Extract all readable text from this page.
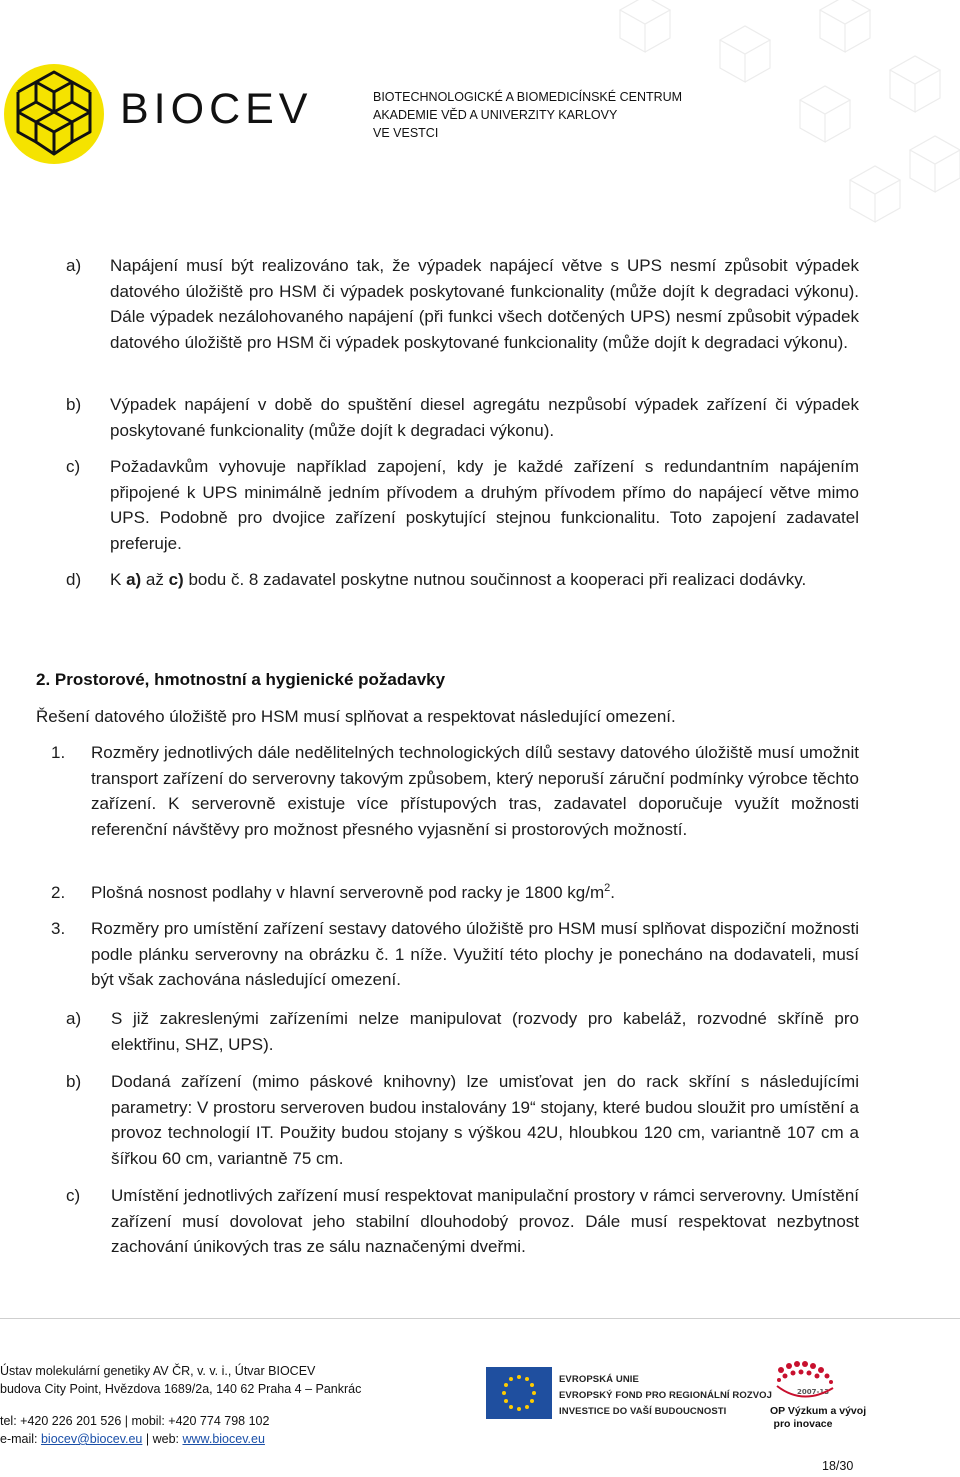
BIOCEV	BIOTECHNOLOGICKÉ A BIOMEDICÍNSKÉ CENTRUM
AKADEMIE VĚD A UNIVERZITY KARLOVY
VE VESTCI
a) Napájení musí být realizováno tak, že výpadek napájecí větve s UPS nesmí způsobit výpadek datového úložiště pro HSM či výpadek poskytované funkcionality (může dojít k degradaci výkonu). Dále výpadek nezálohovaného napájení (při funkci všech dotčených UPS) nesmí způsobit výpadek datového úložiště pro HSM či výpadek poskytované funkcionality (může dojít k degradaci výkonu).
b) Výpadek napájení v době do spuštění diesel agregátu nezpůsobí výpadek zařízení či výpadek poskytované funkcionality (může dojít k degradaci výkonu).
c) Požadavkům vyhovuje například zapojení, kdy je každé zařízení s redundantním napájením připojené k UPS minimálně jedním přívodem a druhým přívodem přímo do napájecí větve mimo UPS. Podobně pro dvojice zařízení poskytující stejnou funkcionalitu. Toto zapojení zadavatel preferuje.
d) K a) až c) bodu č. 8 zadavatel poskytne nutnou součinnost a kooperaci při realizaci dodávky.
2. Prostorové, hmotnostní a hygienické požadavky
Řešení datového úložiště pro HSM musí splňovat a respektovat následující omezení.
1. Rozměry jednotlivých dále nedělitelných technologických dílů sestavy datového úložiště musí umožnit transport zařízení do serverovny takovým způsobem, který neporuší záruční podmínky výrobce těchto zařízení. K serverovně existuje více přístupových tras, zadavatel doporučuje využít možnosti referenční návštěvy pro možnost přesného vyjasnění si prostorových možností.
2. Plošná nosnost podlahy v hlavní serverovně pod racky je 1800 $kg/m^2$.
3. Rozměry pro umístění zařízení sestavy datového úložiště pro HSM musí splňovat dispoziční možnosti podle plánku serverovny na obrázku č. 1 níže. Využití této plochy je ponecháno na dodavateli, musí být však zachována následující omezení.
a) S již zakreslenými zařízeními nelze manipulovat (rozvody pro kabeláž, rozvodné skříně pro elektřinu, SHZ, UPS).
b) Dodaná zařízení (mimo páskové knihovny) lze umisťovat jen do rack skříní s následujícími parametry: V prostoru serveroven budou instalovány 19“ stojany, které budou sloužit pro umístění a provoz technologií IT. Použity budou stojany s výškou 42U, hloubkou 120 cm, variantně 107 cm a šířkou 60 cm, variantně 75 cm.
c) Umístění jednotlivých zařízení musí respektovat manipulační prostory v rámci serverovny. Umístění zařízení musí dovolovat jeho stabilní dlouhodobý provoz. Dále musí respektovat nezbytnost zachování únikových tras ze sálu naznačenými dveřmi.
Ústav molekulární genetiky AV ČR, v. v. i., Útvar BIOCEV
budova City Point, Hvězdova 1689/2a, 140 62 Praha 4 – Pankrác
tel: +420 226 201 526 | mobil: +420 774 798 102
e-mail: biocev@biocev.eu | web: www.biocev.eu
EVROPSKÁ UNIE
EVROPSKÝ FOND PRO REGIONÁLNÍ ROZVOJ
INVESTICE DO VAŠÍ BUDOUCNOSTI
2007-13
OP Výzkum a vývoj
pro inovace
18/30
